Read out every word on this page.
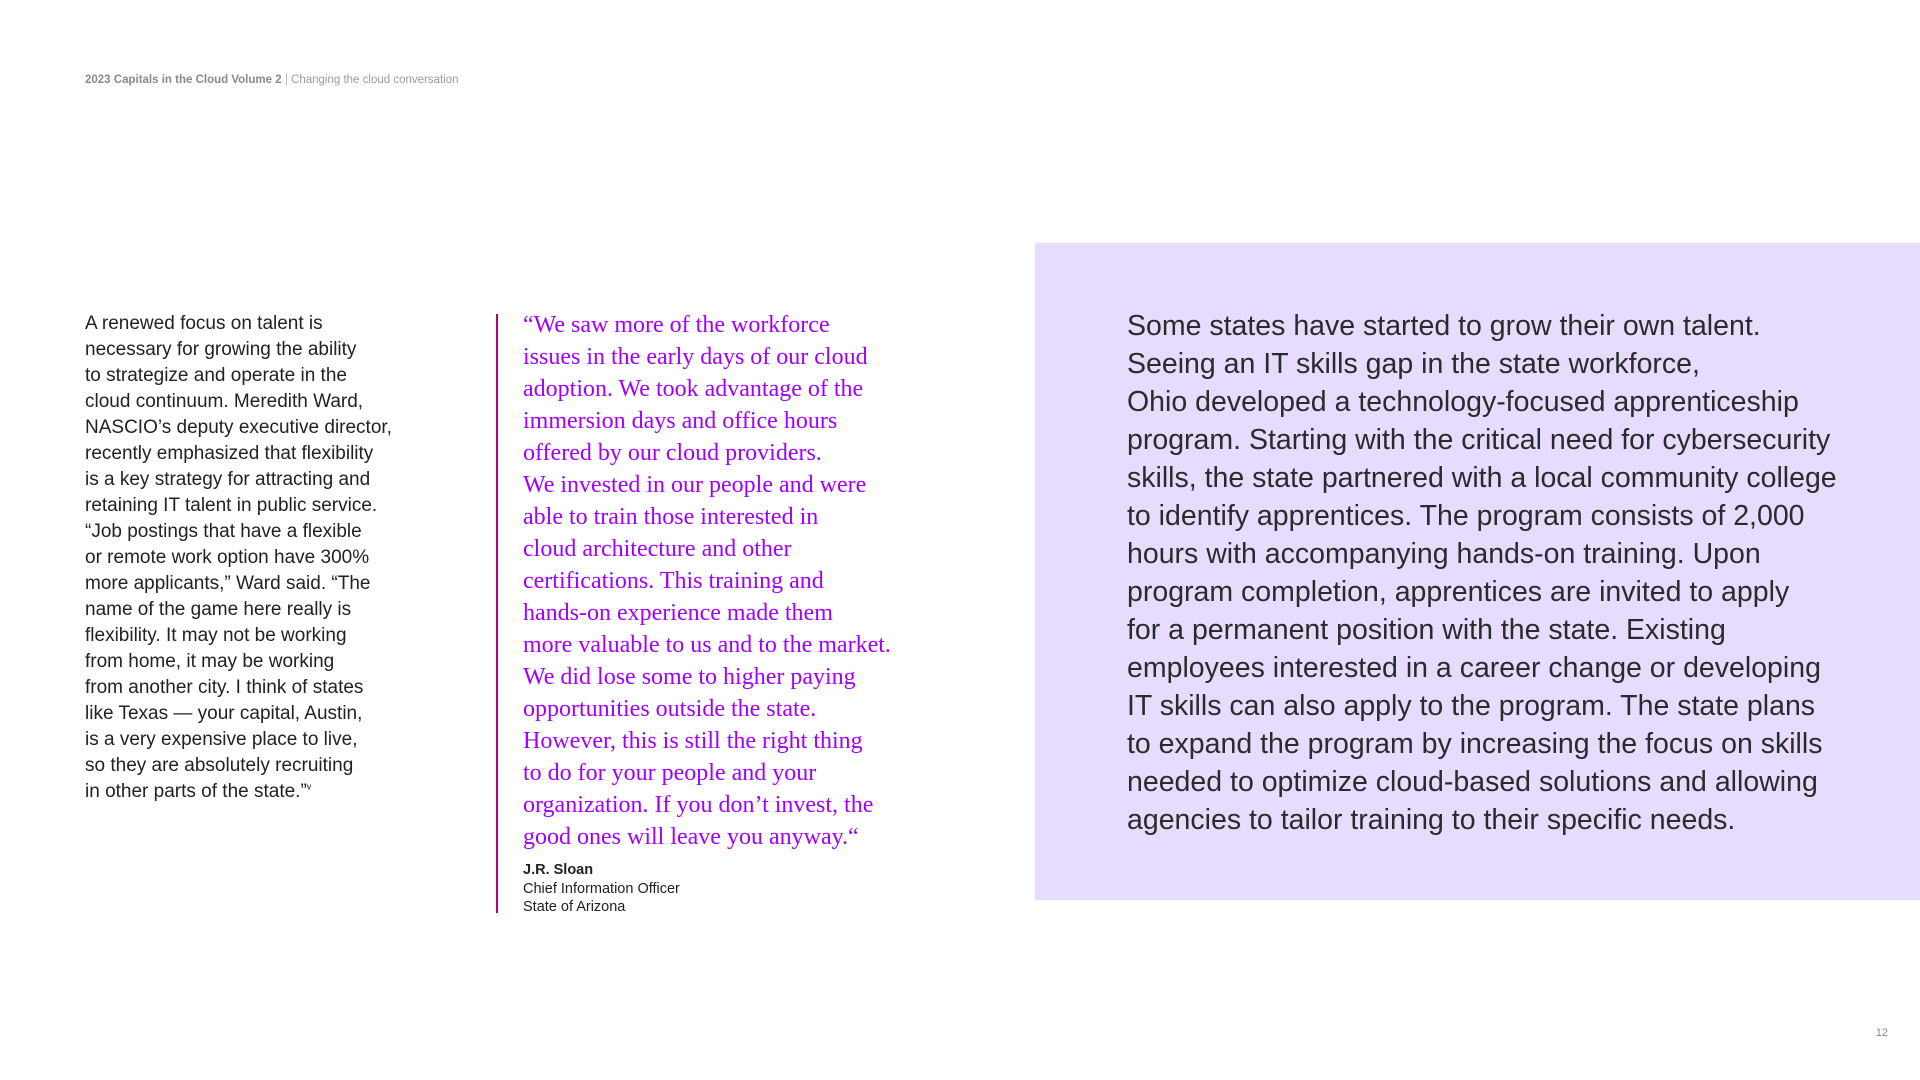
2023 Capitals in the Cloud Volume 2 | Changing the cloud conversation
A renewed focus on talent is
necessary for growing the ability
to strategize and operate in the
cloud continuum. Meredith Ward,
NASCIO’s deputy executive director,
recently emphasized that flexibility
is a key strategy for attracting and
retaining IT talent in public service.
“Job postings that have a flexible
or remote work option have 300%
more applicants,” Ward said. “The
name of the game here really is
flexibility. It may not be working
from home, it may be working
from another city. I think of states
like Texas — your capital, Austin,
is a very expensive place to live,
so they are absolutely recruiting
in other parts of the state.”$^v$
“We saw more of the workforce
issues in the early days of our cloud
adoption. We took advantage of the
immersion days and office hours
offered by our cloud providers.
We invested in our people and were
able to train those interested in
cloud architecture and other
certifications. This training and
hands-on experience made them
more valuable to us and to the market.
We did lose some to higher paying
opportunities outside the state.
However, this is still the right thing
to do for your people and your
organization. If you don’t invest, the
good ones will leave you anyway.“
J.R. Sloan
Chief Information Officer
State of Arizona
Some states have started to grow their own talent.
Seeing an IT skills gap in the state workforce,
Ohio developed a technology-focused apprenticeship
program. Starting with the critical need for cybersecurity
skills, the state partnered with a local community college
to identify apprentices. The program consists of 2,000
hours with accompanying hands-on training. Upon
program completion, apprentices are invited to apply
for a permanent position with the state. Existing
employees interested in a career change or developing
IT skills can also apply to the program. The state plans
to expand the program by increasing the focus on skills
needed to optimize cloud-based solutions and allowing
agencies to tailor training to their specific needs.
12
